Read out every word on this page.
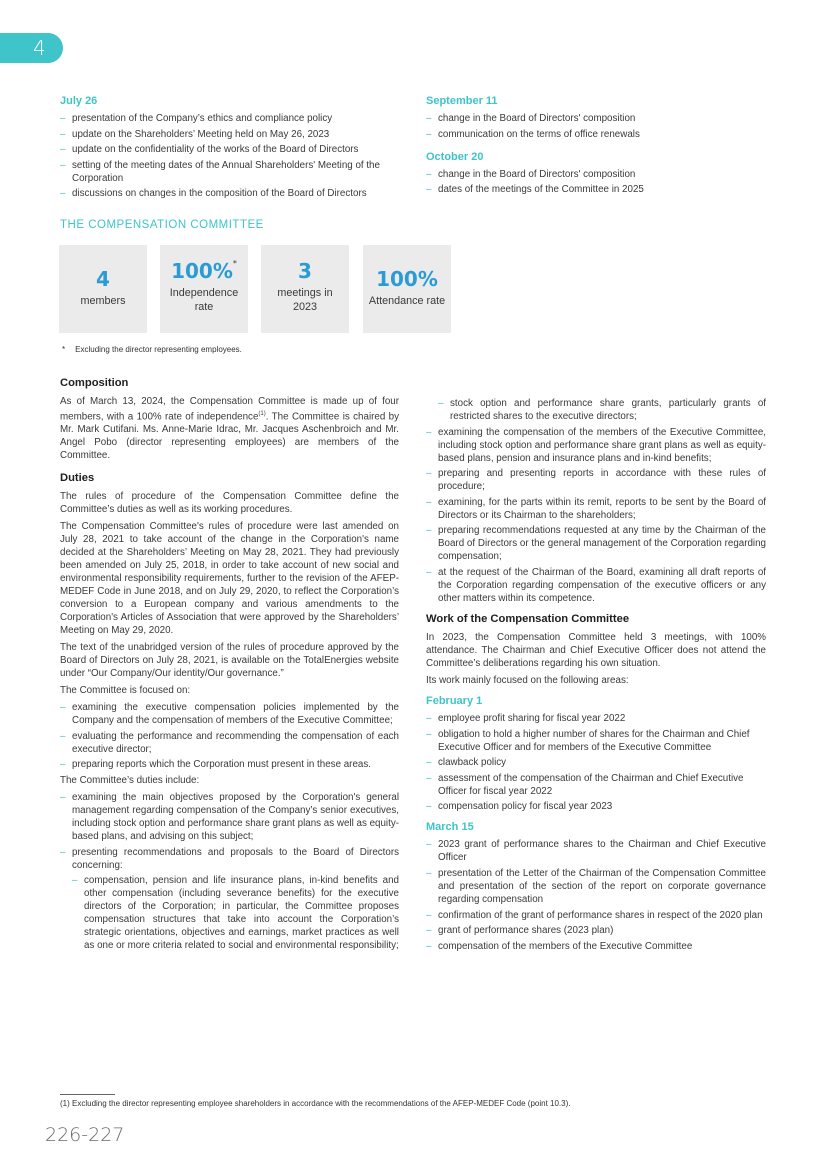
4
July 26
– presentation of the Company’s ethics and compliance policy
– update on the Shareholders’ Meeting held on May 26, 2023
– update on the confidentiality of the works of the Board of Directors
– setting of the meeting dates of the Annual Shareholders' Meeting of the Corporation
– discussions on changes in the composition of the Board of Directors
September 11
– change in the Board of Directors' composition
– communication on the terms of office renewals
October 20
– change in the Board of Directors' composition
– dates of the meetings of the Committee in 2025
THE COMPENSATION COMMITTEE
4
members
100%*
Independence rate
3
meetings in 2023
100%
Attendance rate
* Excluding the director representing employees.
Composition

As of March 13, 2024, the Compensation Committee is made up of four members, with a 100% rate of independence$^{(1)}$. The Committee is chaired by Mr. Mark Cutifani. Ms. Anne-Marie Idrac, Mr. Jacques Aschenbroich and Mr. Angel Pobo (director representing employees) are members of the Committee.

Duties

The rules of procedure of the Compensation Committee define the Committee’s duties as well as its working procedures.

The Compensation Committee's rules of procedure were last amended on July 28, 2021 to take account of the change in the Corporation's name decided at the Shareholders’ Meeting on May 28, 2021. They had previously been amended on July 25, 2018, in order to take account of new social and environmental responsibility requirements, further to the revision of the AFEP-MEDEF Code in June 2018, and on July 29, 2020, to reflect the Corporation’s conversion to a European company and various amendments to the Corporation's Articles of Association that were approved by the Shareholders’ Meeting on May 29, 2020.

The text of the unabridged version of the rules of procedure approved by the Board of Directors on July 28, 2021, is available on the TotalEnergies website under “Our Company/Our identity/Our governance.”

The Committee is focused on:

– examining the executive compensation policies implemented by the Company and the compensation of members of the Executive Committee;
– evaluating the performance and recommending the compensation of each executive director;
– preparing reports which the Corporation must present in these areas.

The Committee’s duties include:

– examining the main objectives proposed by the Corporation's general management regarding compensation of the Company’s senior executives, including stock option and performance share grant plans as well as equity-based plans, and advising on this subject;
– presenting recommendations and proposals to the Board of Directors concerning:
– compensation, pension and life insurance plans, in-kind benefits and other compensation (including severance benefits) for the executive directors of the Corporation; in particular, the Committee proposes compensation structures that take into account the Corporation’s strategic orientations, objectives and earnings, market practices as well as one or more criteria related to social and environmental responsibility;
– stock option and performance share grants, particularly grants of restricted shares to the executive directors;
– examining the compensation of the members of the Executive Committee, including stock option and performance share grant plans as well as equity-based plans, pension and insurance plans and in-kind benefits;
– preparing and presenting reports in accordance with these rules of procedure;
– examining, for the parts within its remit, reports to be sent by the Board of Directors or its Chairman to the shareholders;
– preparing recommendations requested at any time by the Chairman of the Board of Directors or the general management of the Corporation regarding compensation;
– at the request of the Chairman of the Board, examining all draft reports of the Corporation regarding compensation of the executive officers or any other matters within its competence.
Work of the Compensation Committee

In 2023, the Compensation Committee held 3 meetings, with 100% attendance. The Chairman and Chief Executive Officer does not attend the Committee’s deliberations regarding his own situation.

Its work mainly focused on the following areas:

February 1
– employee profit sharing for fiscal year 2022
– obligation to hold a higher number of shares for the Chairman and Chief Executive Officer and for members of the Executive Committee
– clawback policy
– assessment of the compensation of the Chairman and Chief Executive Officer for fiscal year 2022
– compensation policy for fiscal year 2023
March 15
– 2023 grant of performance shares to the Chairman and Chief Executive Officer
– presentation of the Letter of the Chairman of the Compensation Committee and presentation of the section of the report on corporate governance regarding compensation
– confirmation of the grant of performance shares in respect of the 2020 plan
– grant of performance shares (2023 plan)
– compensation of the members of the Executive Committee
(1) Excluding the director representing employee shareholders in accordance with the recommendations of the AFEP-MEDEF Code (point 10.3).
226-227
